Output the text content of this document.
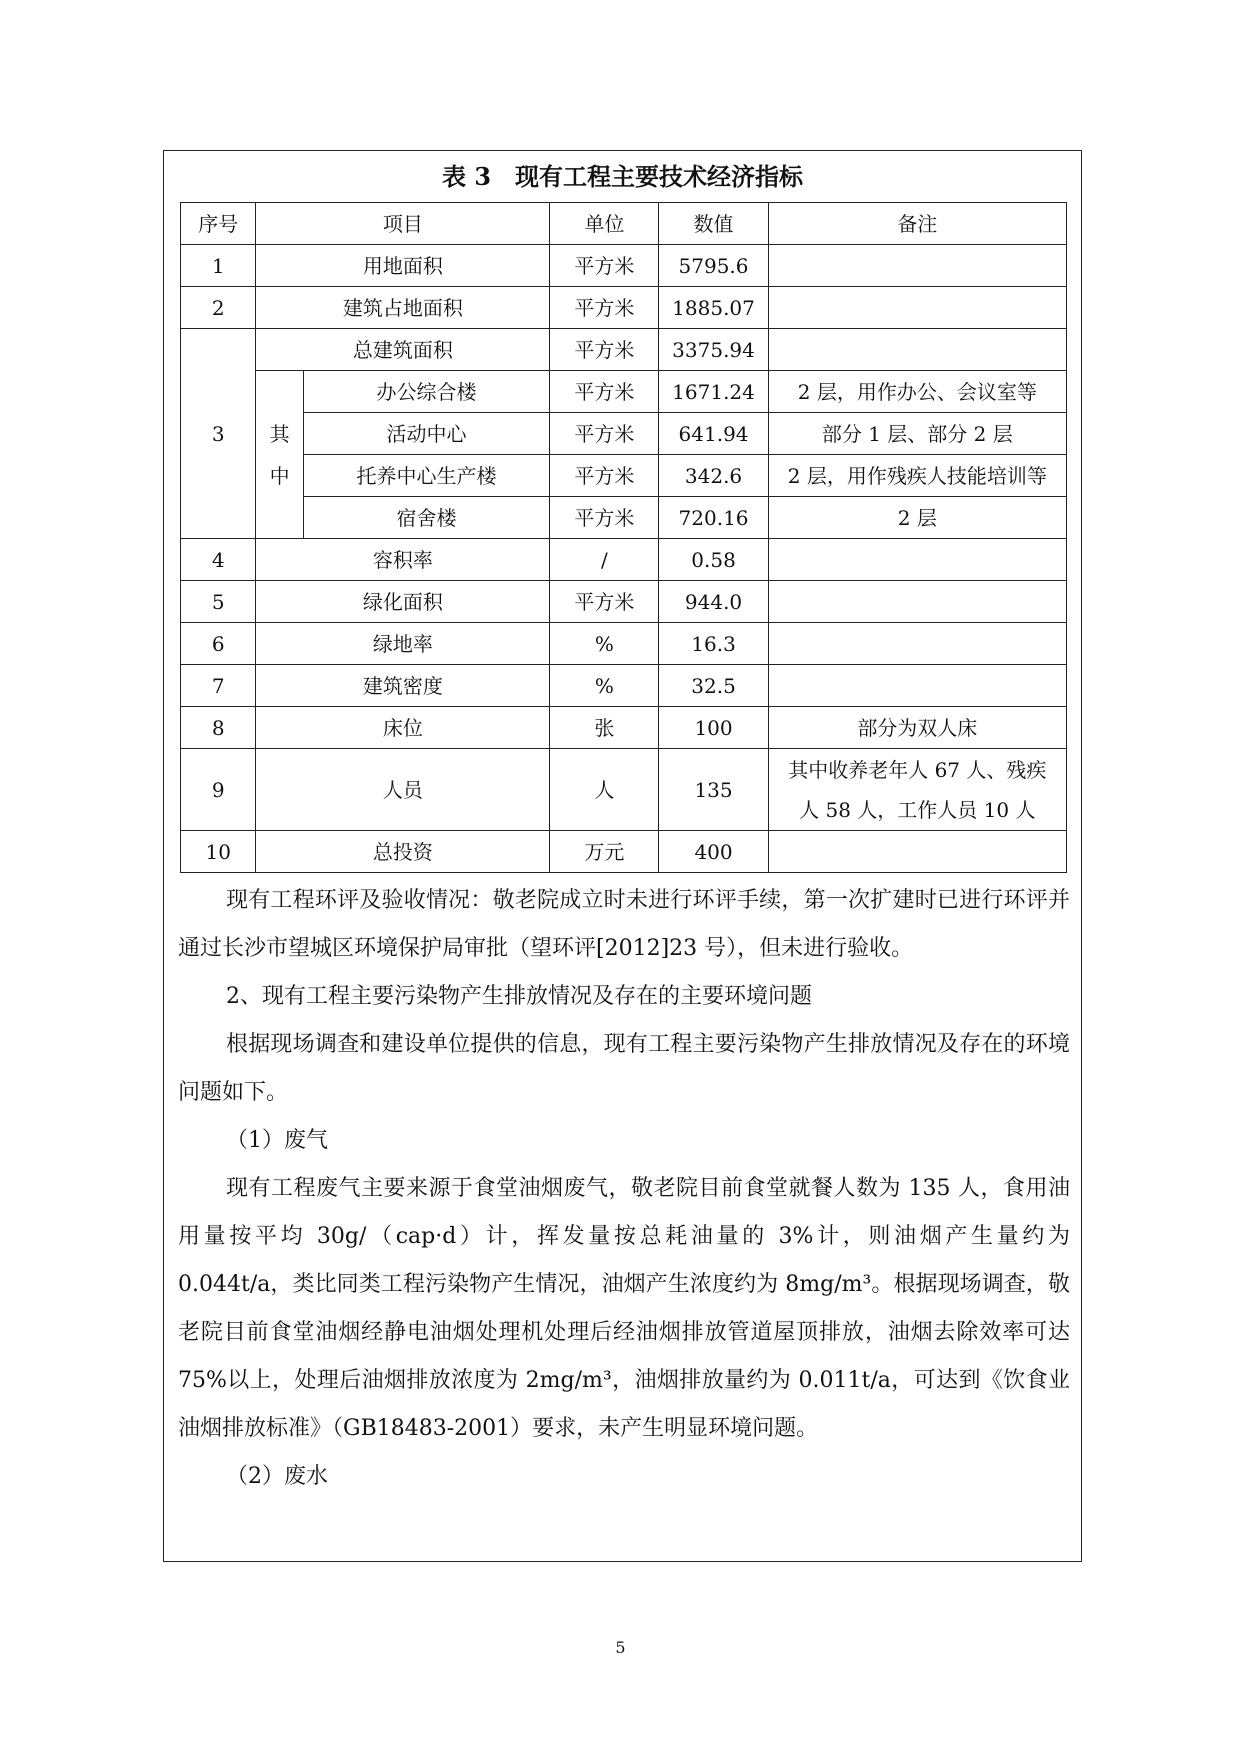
表 3　现有工程主要技术经济指标
序号	项目		单位	数值	备注
1	用地面积		平方米	5795.6	
2	建筑占地面积		平方米	1885.07	
3	总建筑面积		平方米	3375.94	
	其中	办公综合楼	平方米	1671.24	2 层，用作办公、会议室等
		活动中心	平方米	641.94	部分 1 层、部分 2 层
		托养中心生产楼	平方米	342.6	2 层，用作残疾人技能培训等
		宿舍楼	平方米	720.16	2 层
4	容积率		/	0.58	
5	绿化面积		平方米	944.0	
6	绿地率		%	16.3	
7	建筑密度		%	32.5	
8	床位		张	100	部分为双人床
9	人员		人	135	其中收养老年人 67 人、残疾人 58 人，工作人员 10 人
10	总投资		万元	400	

现有工程环评及验收情况：敬老院成立时未进行环评手续，第一次扩建时已进行环评并通过长沙市望城区环境保护局审批（望环评[2012]23 号），但未进行验收。

2、现有工程主要污染物产生排放情况及存在的主要环境问题

根据现场调查和建设单位提供的信息，现有工程主要污染物产生排放情况及存在的环境问题如下。

（1）废气

现有工程废气主要来源于食堂油烟废气，敬老院目前食堂就餐人数为 135 人，食用油用量按平均 30g/（cap·d）计，挥发量按总耗油量的 3%计，则油烟产生量约为 0.044t/a，类比同类工程污染物产生情况，油烟产生浓度约为 8mg/m³。根据现场调查，敬老院目前食堂油烟经静电油烟处理机处理后经油烟排放管道屋顶排放，油烟去除效率可达 75%以上，处理后油烟排放浓度为 2mg/m³，油烟排放量约为 0.011t/a，可达到《饮食业油烟排放标准》（GB18483-2001）要求，未产生明显环境问题。

（2）废水

5
